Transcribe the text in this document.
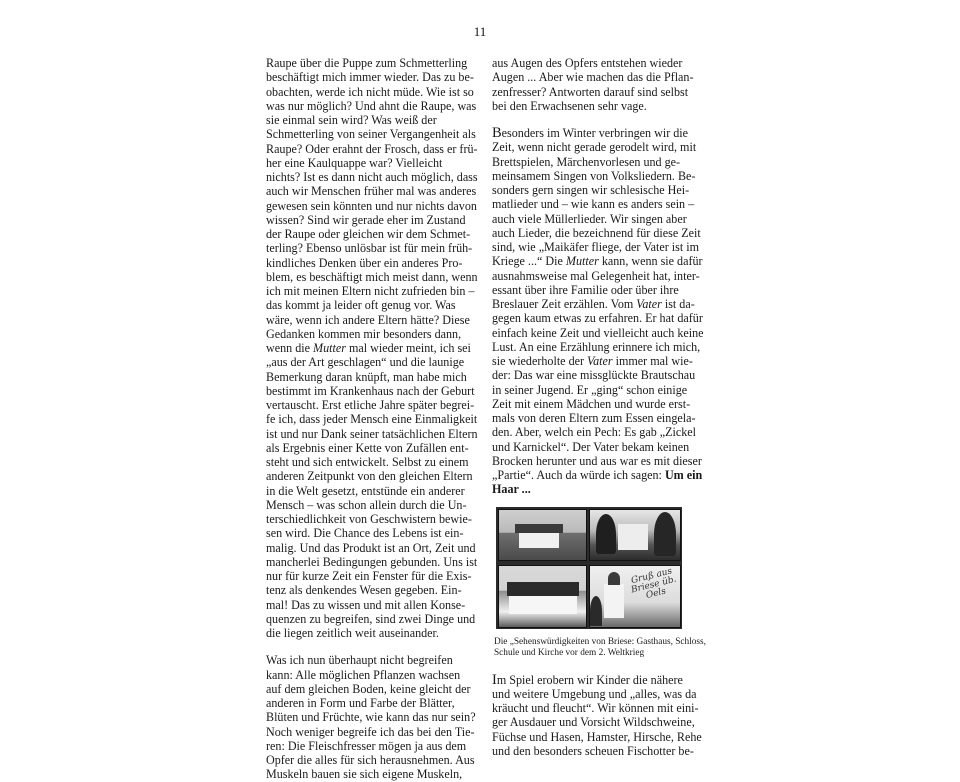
11
Raupe über die Puppe zum Schmetterling
beschäftigt mich immer wieder. Das zu be-
obachten, werde ich nicht müde. Wie ist so
was nur möglich? Und ahnt die Raupe, was
sie einmal sein wird? Was weiß der
Schmetterling von seiner Vergangenheit als
Raupe? Oder erahnt der Frosch, dass er frü-
her eine Kaulquappe war? Vielleicht
nichts? Ist es dann nicht auch möglich, dass
auch wir Menschen früher mal was anderes
gewesen sein könnten und nur nichts davon
wissen? Sind wir gerade eher im Zustand
der Raupe oder gleichen wir dem Schmet-
terling? Ebenso unlösbar ist für mein früh-
kindliches Denken über ein anderes Pro-
blem, es beschäftigt mich meist dann, wenn
ich mit meinen Eltern nicht zufrieden bin –
das kommt ja leider oft genug vor. Was
wäre, wenn ich andere Eltern hätte? Diese
Gedanken kommen mir besonders dann,
wenn die Mutter mal wieder meint, ich sei
„aus der Art geschlagen“ und die launige
Bemerkung daran knüpft, man habe mich
bestimmt im Krankenhaus nach der Geburt
vertauscht. Erst etliche Jahre später begrei-
fe ich, dass jeder Mensch eine Einmaligkeit
ist und nur Dank seiner tatsächlichen Eltern
als Ergebnis einer Kette von Zufällen ent-
steht und sich entwickelt. Selbst zu einem
anderen Zeitpunkt von den gleichen Eltern
in die Welt gesetzt, entstünde ein anderer
Mensch – was schon allein durch die Un-
terschiedlichkeit von Geschwistern bewie-
sen wird. Die Chance des Lebens ist ein-
malig. Und das Produkt ist an Ort, Zeit und
mancherlei Bedingungen gebunden. Uns ist
nur für kurze Zeit ein Fenster für die Exis-
tenz als denkendes Wesen gegeben. Ein-
mal! Das zu wissen und mit allen Konse-
quenzen zu begreifen, sind zwei Dinge und
die liegen zeitlich weit auseinander.
Was ich nun überhaupt nicht begreifen
kann: Alle möglichen Pflanzen wachsen
auf dem gleichen Boden, keine gleicht der
anderen in Form und Farbe der Blätter,
Blüten und Früchte, wie kann das nur sein?
Noch weniger begreife ich das bei den Tie-
ren: Die Fleischfresser mögen ja aus dem
Opfer die alles für sich herausnehmen. Aus
Muskeln bauen sie sich eigene Muskeln,
aus Augen des Opfers entstehen wieder
Augen ... Aber wie machen das die Pflan-
zenfresser? Antworten darauf sind selbst
bei den Erwachsenen sehr vage.
Besonders im Winter verbringen wir die
Zeit, wenn nicht gerade gerodelt wird, mit
Brettspielen, Märchenvorlesen und ge-
meinsamem Singen von Volksliedern. Be-
sonders gern singen wir schlesische Hei-
matlieder und – wie kann es anders sein –
auch viele Müllerlieder. Wir singen aber
auch Lieder, die bezeichnend für diese Zeit
sind, wie „Maikäfer fliege, der Vater ist im
Kriege ...“ Die Mutter kann, wenn sie dafür
ausnahmsweise mal Gelegenheit hat, inter-
essant über ihre Familie oder über ihre
Breslauer Zeit erzählen. Vom Vater ist da-
gegen kaum etwas zu erfahren. Er hat dafür
einfach keine Zeit und vielleicht auch keine
Lust. An eine Erzählung erinnere ich mich,
sie wiederholte der Vater immer mal wie-
der: Das war eine missglückte Brautschau
in seiner Jugend. Er „ging“ schon einige
Zeit mit einem Mädchen und wurde erst-
mals von deren Eltern zum Essen eingela-
den. Aber, welch ein Pech: Es gab „Zickel
und Karnickel“. Der Vater bekam keinen
Brocken herunter und aus war es mit dieser
„Partie“. Auch da würde ich sagen: Um ein
Haar ...
Gruß aus Briese üb. Oels
Die „Sehenswürdigkeiten von Briese: Gasthaus, Schloss,
Schule und Kirche vor dem 2. Weltkrieg
Im Spiel erobern wir Kinder die nähere
und weitere Umgebung und „alles, was da
kräucht und fleucht“. Wir können mit eini-
ger Ausdauer und Vorsicht Wildschweine,
Füchse und Hasen, Hamster, Hirsche, Rehe
und den besonders scheuen Fischotter be-
